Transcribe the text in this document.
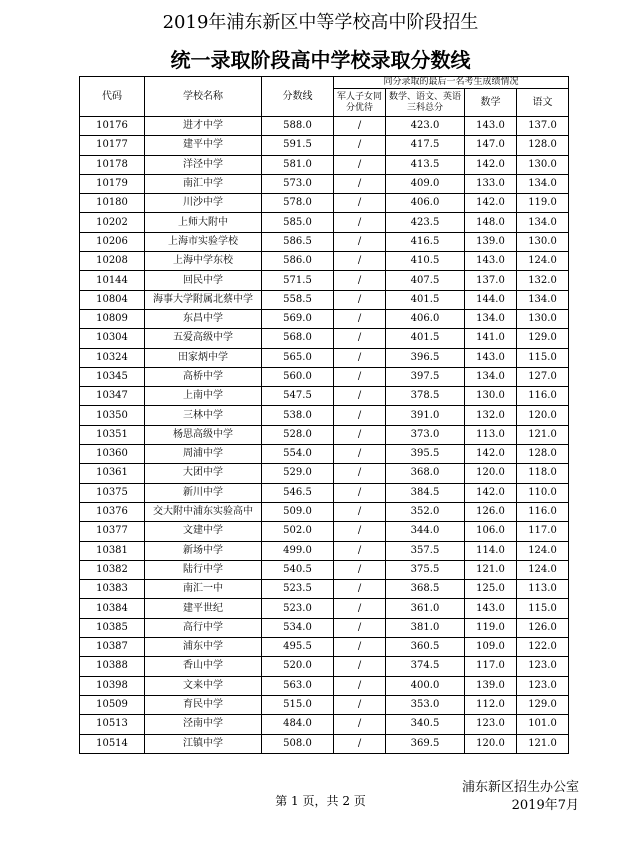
2019年浦东新区中等学校高中阶段招生
统一录取阶段高中学校录取分数线
代码	学校名称	分数线	同分录取的最后一名考生成绩情况			
			军人子女同分优待	数学、语文、英语三科总分	数学	语文
10176	进才中学	588.0	/	423.0	143.0	137.0
10177	建平中学	591.5	/	417.5	147.0	128.0
10178	洋泾中学	581.0	/	413.5	142.0	130.0
10179	南汇中学	573.0	/	409.0	133.0	134.0
10180	川沙中学	578.0	/	406.0	142.0	119.0
10202	上师大附中	585.0	/	423.5	148.0	134.0
10206	上海市实验学校	586.5	/	416.5	139.0	130.0
10208	上海中学东校	586.0	/	410.5	143.0	124.0
10144	回民中学	571.5	/	407.5	137.0	132.0
10804	海事大学附属北蔡中学	558.5	/	401.5	144.0	134.0
10809	东昌中学	569.0	/	406.0	134.0	130.0
10304	五爱高级中学	568.0	/	401.5	141.0	129.0
10324	田家炳中学	565.0	/	396.5	143.0	115.0
10345	高桥中学	560.0	/	397.5	134.0	127.0
10347	上南中学	547.5	/	378.5	130.0	116.0
10350	三林中学	538.0	/	391.0	132.0	120.0
10351	杨思高级中学	528.0	/	373.0	113.0	121.0
10360	周浦中学	554.0	/	395.5	142.0	128.0
10361	大团中学	529.0	/	368.0	120.0	118.0
10375	新川中学	546.5	/	384.5	142.0	110.0
10376	交大附中浦东实验高中	509.0	/	352.0	126.0	116.0
10377	文建中学	502.0	/	344.0	106.0	117.0
10381	新场中学	499.0	/	357.5	114.0	124.0
10382	陆行中学	540.5	/	375.5	121.0	124.0
10383	南汇一中	523.5	/	368.5	125.0	113.0
10384	建平世纪	523.0	/	361.0	143.0	115.0
10385	高行中学	534.0	/	381.0	119.0	126.0
10387	浦东中学	495.5	/	360.5	109.0	122.0
10388	香山中学	520.0	/	374.5	117.0	123.0
10398	文来中学	563.0	/	400.0	139.0	123.0
10509	育民中学	515.0	/	353.0	112.0	129.0
10513	泾南中学	484.0	/	340.5	123.0	101.0
10514	江镇中学	508.0	/	369.5	120.0	121.0
浦东新区招生办公室
2019年7月
第 1 页，共 2 页
